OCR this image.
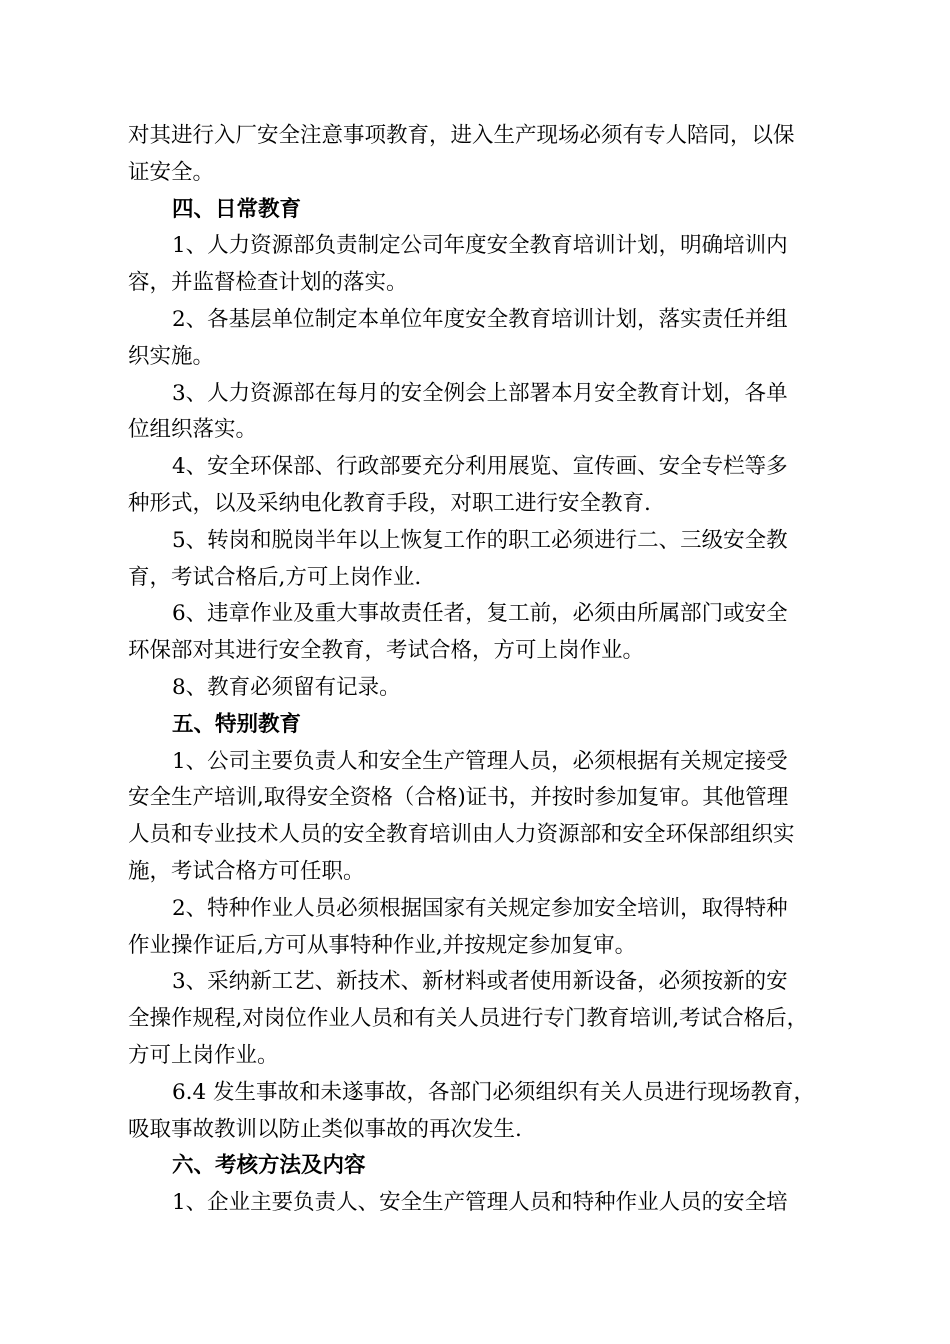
对其进行入厂安全注意事项教育，进入生产现场必须有专人陪同，以保
证安全。
四、日常教育
1、人力资源部负责制定公司年度安全教育培训计划，明确培训内
容，并监督检查计划的落实。
2、各基层单位制定本单位年度安全教育培训计划，落实责任并组
织实施。
3、人力资源部在每月的安全例会上部署本月安全教育计划，各单
位组织落实。
4、安全环保部、行政部要充分利用展览、宣传画、安全专栏等多
种形式，以及采纳电化教育手段，对职工进行安全教育.
5、转岗和脱岗半年以上恢复工作的职工必须进行二、三级安全教
育，考试合格后,方可上岗作业.
6、违章作业及重大事故责任者，复工前，必须由所属部门或安全
环保部对其进行安全教育，考试合格，方可上岗作业。
8、教育必须留有记录。
五、特别教育
1、公司主要负责人和安全生产管理人员，必须根据有关规定接受
安全生产培训,取得安全资格（合格)证书，并按时参加复审。其他管理
人员和专业技术人员的安全教育培训由人力资源部和安全环保部组织实
施，考试合格方可任职。
2、特种作业人员必须根据国家有关规定参加安全培训，取得特种
作业操作证后,方可从事特种作业,并按规定参加复审。
3、采纳新工艺、新技术、新材料或者使用新设备，必须按新的安
全操作规程,对岗位作业人员和有关人员进行专门教育培训,考试合格后，
方可上岗作业。
6.4 发生事故和未遂事故，各部门必须组织有关人员进行现场教育，
吸取事故教训以防止类似事故的再次发生.
六、考核方法及内容
1、企业主要负责人、安全生产管理人员和特种作业人员的安全培
